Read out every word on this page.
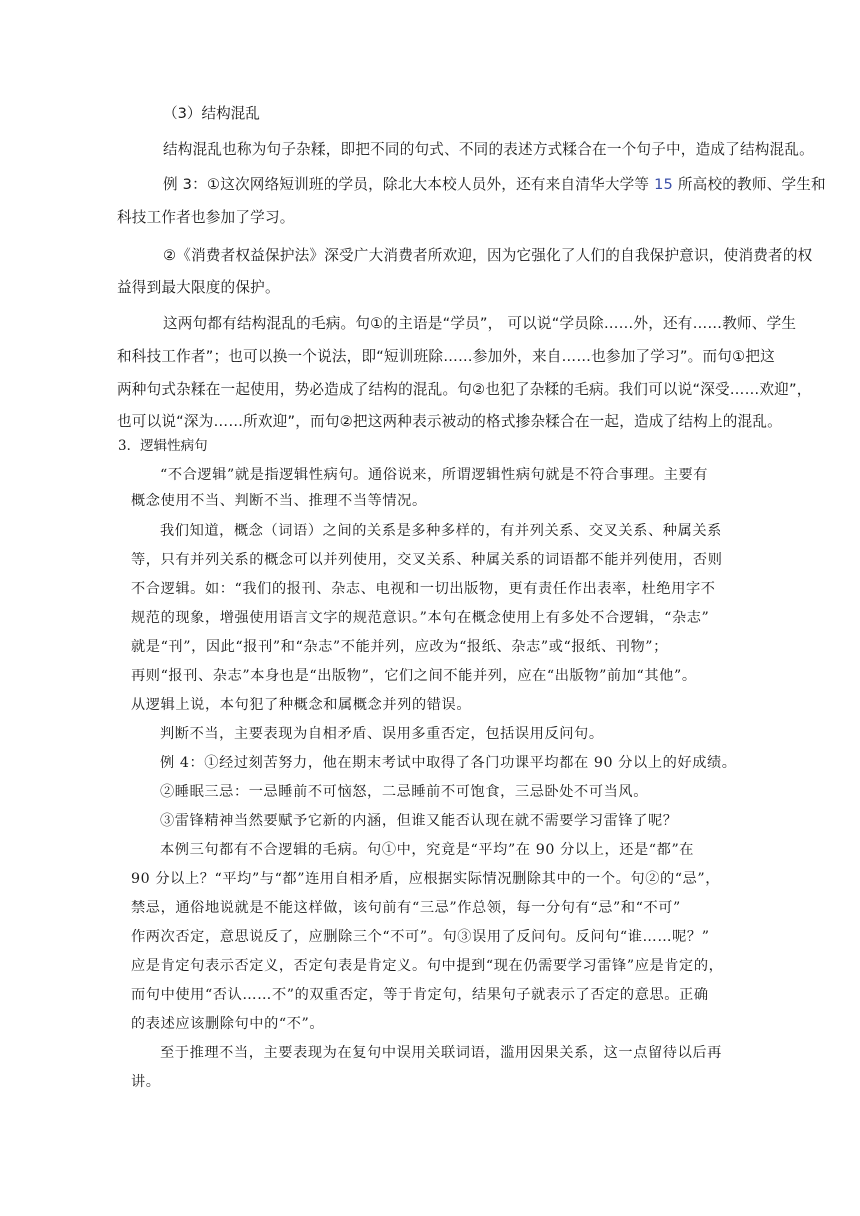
（3）结构混乱

结构混乱也称为句子杂糅，即把不同的句式、不同的表述方式糅合在一个句子中，造成了结构混乱。

例 3：①这次网络短训班的学员，除北大本校人员外，还有来自清华大学等 15 所高校的教师、学生和

科技工作者也参加了学习。

②《消费者权益保护法》深受广大消费者所欢迎，因为它强化了人们的自我保护意识，使消费者的权

益得到最大限度的保护。

这两句都有结构混乱的毛病。句①的主语是“学员”， 可以说“学员除……外，还有……教师、学生

和科技工作者”；也可以换一个说法，即“短训班除……参加外，来自……也参加了学习”。而句①把这

两种句式杂糅在一起使用，势必造成了结构的混乱。句②也犯了杂糅的毛病。我们可以说“深受……欢迎”，

也可以说“深为……所欢迎”，而句②把这两种表示被动的格式掺杂糅合在一起，造成了结构上的混乱。

3．逻辑性病句

“不合逻辑”就是指逻辑性病句。通俗说来，所谓逻辑性病句就是不符合事理。主要有

概念使用不当、判断不当、推理不当等情况。

我们知道，概念（词语）之间的关系是多种多样的，有并列关系、交叉关系、种属关系

等，只有并列关系的概念可以并列使用，交叉关系、种属关系的词语都不能并列使用，否则

不合逻辑。如：“我们的报刊、杂志、电视和一切出版物，更有责任作出表率，杜绝用字不

规范的现象，增强使用语言文字的规范意识。”本句在概念使用上有多处不合逻辑，“杂志”

就是“刊”，因此“报刊”和“杂志”不能并列，应改为“报纸、杂志”或“报纸、刊物”；

再则“报刊、杂志”本身也是“出版物”，它们之间不能并列，应在“出版物”前加“其他”。

从逻辑上说，本句犯了种概念和属概念并列的错误。

判断不当，主要表现为自相矛盾、误用多重否定，包括误用反问句。

例 4：①经过刻苦努力，他在期末考试中取得了各门功课平均都在 90 分以上的好成绩。

②睡眠三忌：一忌睡前不可恼怒，二忌睡前不可饱食，三忌卧处不可当风。

③雷锋精神当然要赋予它新的内涵，但谁又能否认现在就不需要学习雷锋了呢？

本例三句都有不合逻辑的毛病。句①中，究竟是“平均”在 90 分以上，还是“都”在

90 分以上？“平均”与“都”连用自相矛盾，应根据实际情况删除其中的一个。句②的“忌”，

禁忌，通俗地说就是不能这样做，该句前有“三忌”作总领，每一分句有“忌”和“不可”

作两次否定，意思说反了，应删除三个“不可”。句③误用了反问句。反问句“谁……呢？”

应是肯定句表示否定义，否定句表是肯定义。句中提到“现在仍需要学习雷锋”应是肯定的，

而句中使用“否认……不”的双重否定，等于肯定句，结果句子就表示了否定的意思。正确

的表述应该删除句中的“不”。

至于推理不当，主要表现为在复句中误用关联词语，滥用因果关系，这一点留待以后再

讲。
